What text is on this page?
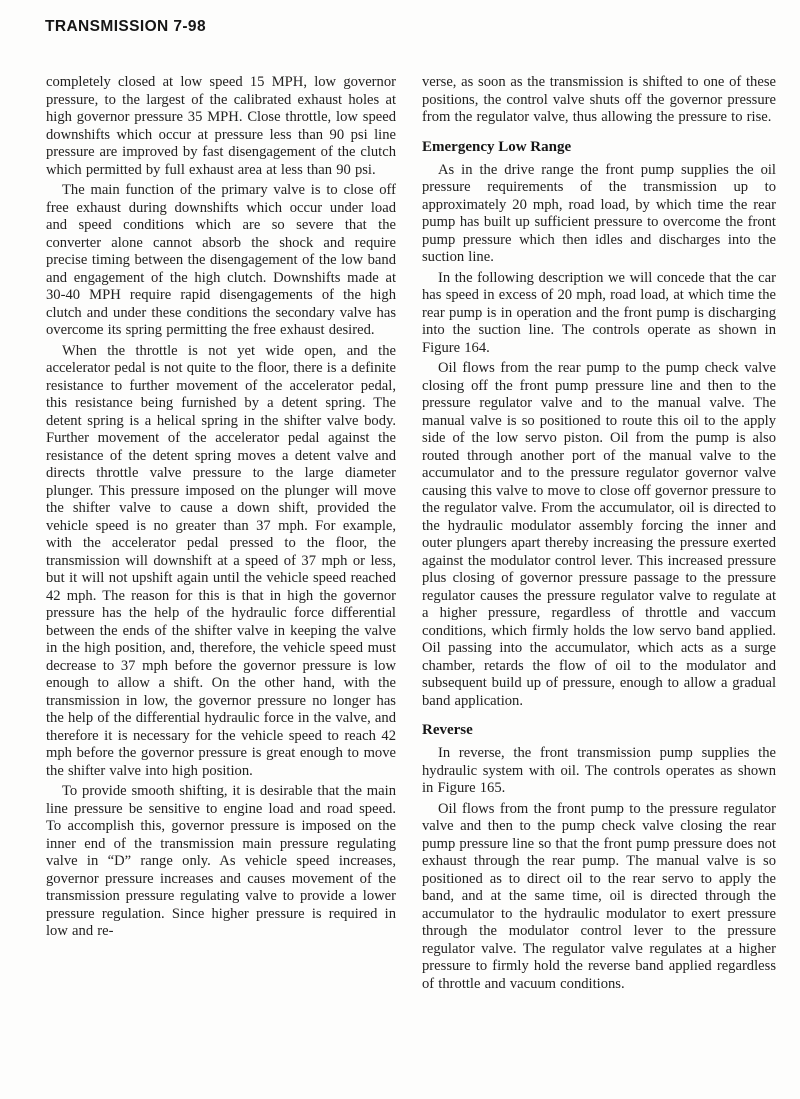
TRANSMISSION 7-98

completely closed at low speed 15 MPH, low governor pressure, to the largest of the calibrated exhaust holes at high governor pressure 35 MPH. Close throttle, low speed downshifts which occur at pressure less than 90 psi line pressure are improved by fast disengagement of the clutch which permitted by full exhaust area at less than 90 psi.

The main function of the primary valve is to close off free exhaust during downshifts which occur under load and speed conditions which are so severe that the converter alone cannot absorb the shock and require precise timing between the disengagement of the low band and engagement of the high clutch. Downshifts made at 30-40 MPH require rapid disengagements of the high clutch and under these conditions the secondary valve has overcome its spring permitting the free exhaust desired.

When the throttle is not yet wide open, and the accelerator pedal is not quite to the floor, there is a definite resistance to further movement of the accelerator pedal, this resistance being furnished by a detent spring. The detent spring is a helical spring in the shifter valve body. Further movement of the accelerator pedal against the resistance of the detent spring moves a detent valve and directs throttle valve pressure to the large diameter plunger. This pressure imposed on the plunger will move the shifter valve to cause a down shift, provided the vehicle speed is no greater than 37 mph. For example, with the accelerator pedal pressed to the floor, the transmission will downshift at a speed of 37 mph or less, but it will not upshift again until the vehicle speed reached 42 mph. The reason for this is that in high the governor pressure has the help of the hydraulic force differential between the ends of the shifter valve in keeping the valve in the high position, and, therefore, the vehicle speed must decrease to 37 mph before the governor pressure is low enough to allow a shift. On the other hand, with the transmission in low, the governor pressure no longer has the help of the differential hydraulic force in the valve, and therefore it is necessary for the vehicle speed to reach 42 mph before the governor pressure is great enough to move the shifter valve into high position.

To provide smooth shifting, it is desirable that the main line pressure be sensitive to engine load and road speed. To accomplish this, governor pressure is imposed on the inner end of the transmission main pressure regulating valve in “D” range only. As vehicle speed increases, governor pressure increases and causes movement of the transmission pressure regulating valve to provide a lower pressure regulation. Since higher pressure is required in low and re-

verse, as soon as the transmission is shifted to one of these positions, the control valve shuts off the governor pressure from the regulator valve, thus allowing the pressure to rise.

Emergency Low Range

As in the drive range the front pump supplies the oil pressure requirements of the transmission up to approximately 20 mph, road load, by which time the rear pump has built up sufficient pressure to overcome the front pump pressure which then idles and discharges into the suction line.

In the following description we will concede that the car has speed in excess of 20 mph, road load, at which time the rear pump is in operation and the front pump is discharging into the suction line. The controls operate as shown in Figure 164.

Oil flows from the rear pump to the pump check valve closing off the front pump pressure line and then to the pressure regulator valve and to the manual valve. The manual valve is so positioned to route this oil to the apply side of the low servo piston. Oil from the pump is also routed through another port of the manual valve to the accumulator and to the pressure regulator governor valve causing this valve to move to close off governor pressure to the regulator valve. From the accumulator, oil is directed to the hydraulic modulator assembly forcing the inner and outer plungers apart thereby increasing the pressure exerted against the modulator control lever. This increased pressure plus closing of governor pressure passage to the pressure regulator causes the pressure regulator valve to regulate at a higher pressure, regardless of throttle and vaccum conditions, which firmly holds the low servo band applied. Oil passing into the accumulator, which acts as a surge chamber, retards the flow of oil to the modulator and subsequent build up of pressure, enough to allow a gradual band application.

Reverse

In reverse, the front transmission pump supplies the hydraulic system with oil. The controls operates as shown in Figure 165.

Oil flows from the front pump to the pressure regulator valve and then to the pump check valve closing the rear pump pressure line so that the front pump pressure does not exhaust through the rear pump. The manual valve is so positioned as to direct oil to the rear servo to apply the band, and at the same time, oil is directed through the accumulator to the hydraulic modulator to exert pressure through the modulator control lever to the pressure regulator valve. The regulator valve regulates at a higher pressure to firmly hold the reverse band applied regardless of throttle and vacuum conditions.
